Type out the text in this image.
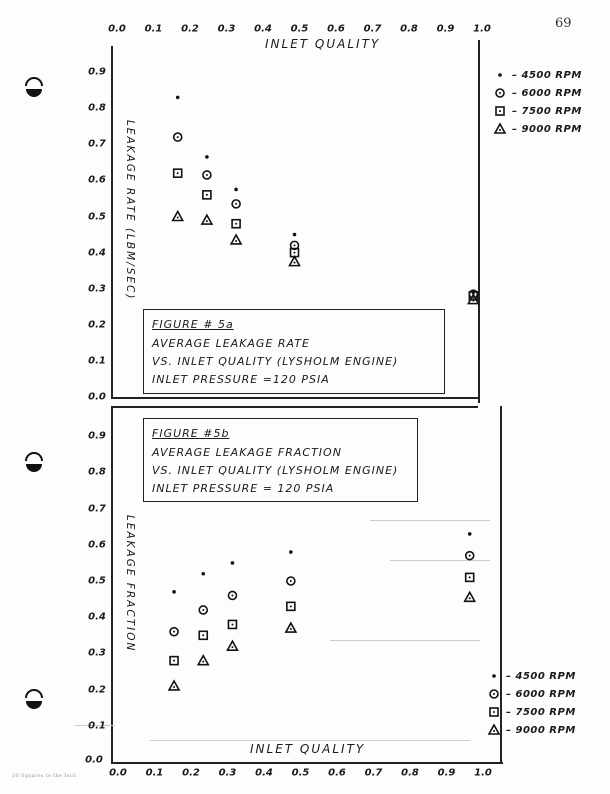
69
0.0 0.1 0.2 0.3 0.4 0.5 0.6 0.7 0.8 0.9 1.0
INLET QUALITY
0.9
0.8
0.7
0.6
0.5
0.4
0.3
0.2
0.1
0.0
0.9
0.8
0.7
0.6
0.5
0.4
0.3
0.2
0.1
LEAKAGE RATE (LBM/SEC)
LEAKAGE FRACTION
FIGURE # 5a
AVERAGE LEAKAGE RATE
VS. INLET QUALITY (LYSHOLM ENGINE)
INLET PRESSURE =120 PSIA
FIGURE #5b
AVERAGE LEAKAGE FRACTION
VS. INLET QUALITY (LYSHOLM ENGINE)
INLET PRESSURE = 120 PSIA
– 4500 RPM
– 6000 RPM
– 7500 RPM
– 9000 RPM
– 4500 RPM
– 6000 RPM
– 7500 RPM
– 9000 RPM
0.0 0.1 0.2 0.3 0.4 0.5 0.6 0.7 0.8 0.9 1.0
0.0
INLET QUALITY
20 Squares to the Inch
